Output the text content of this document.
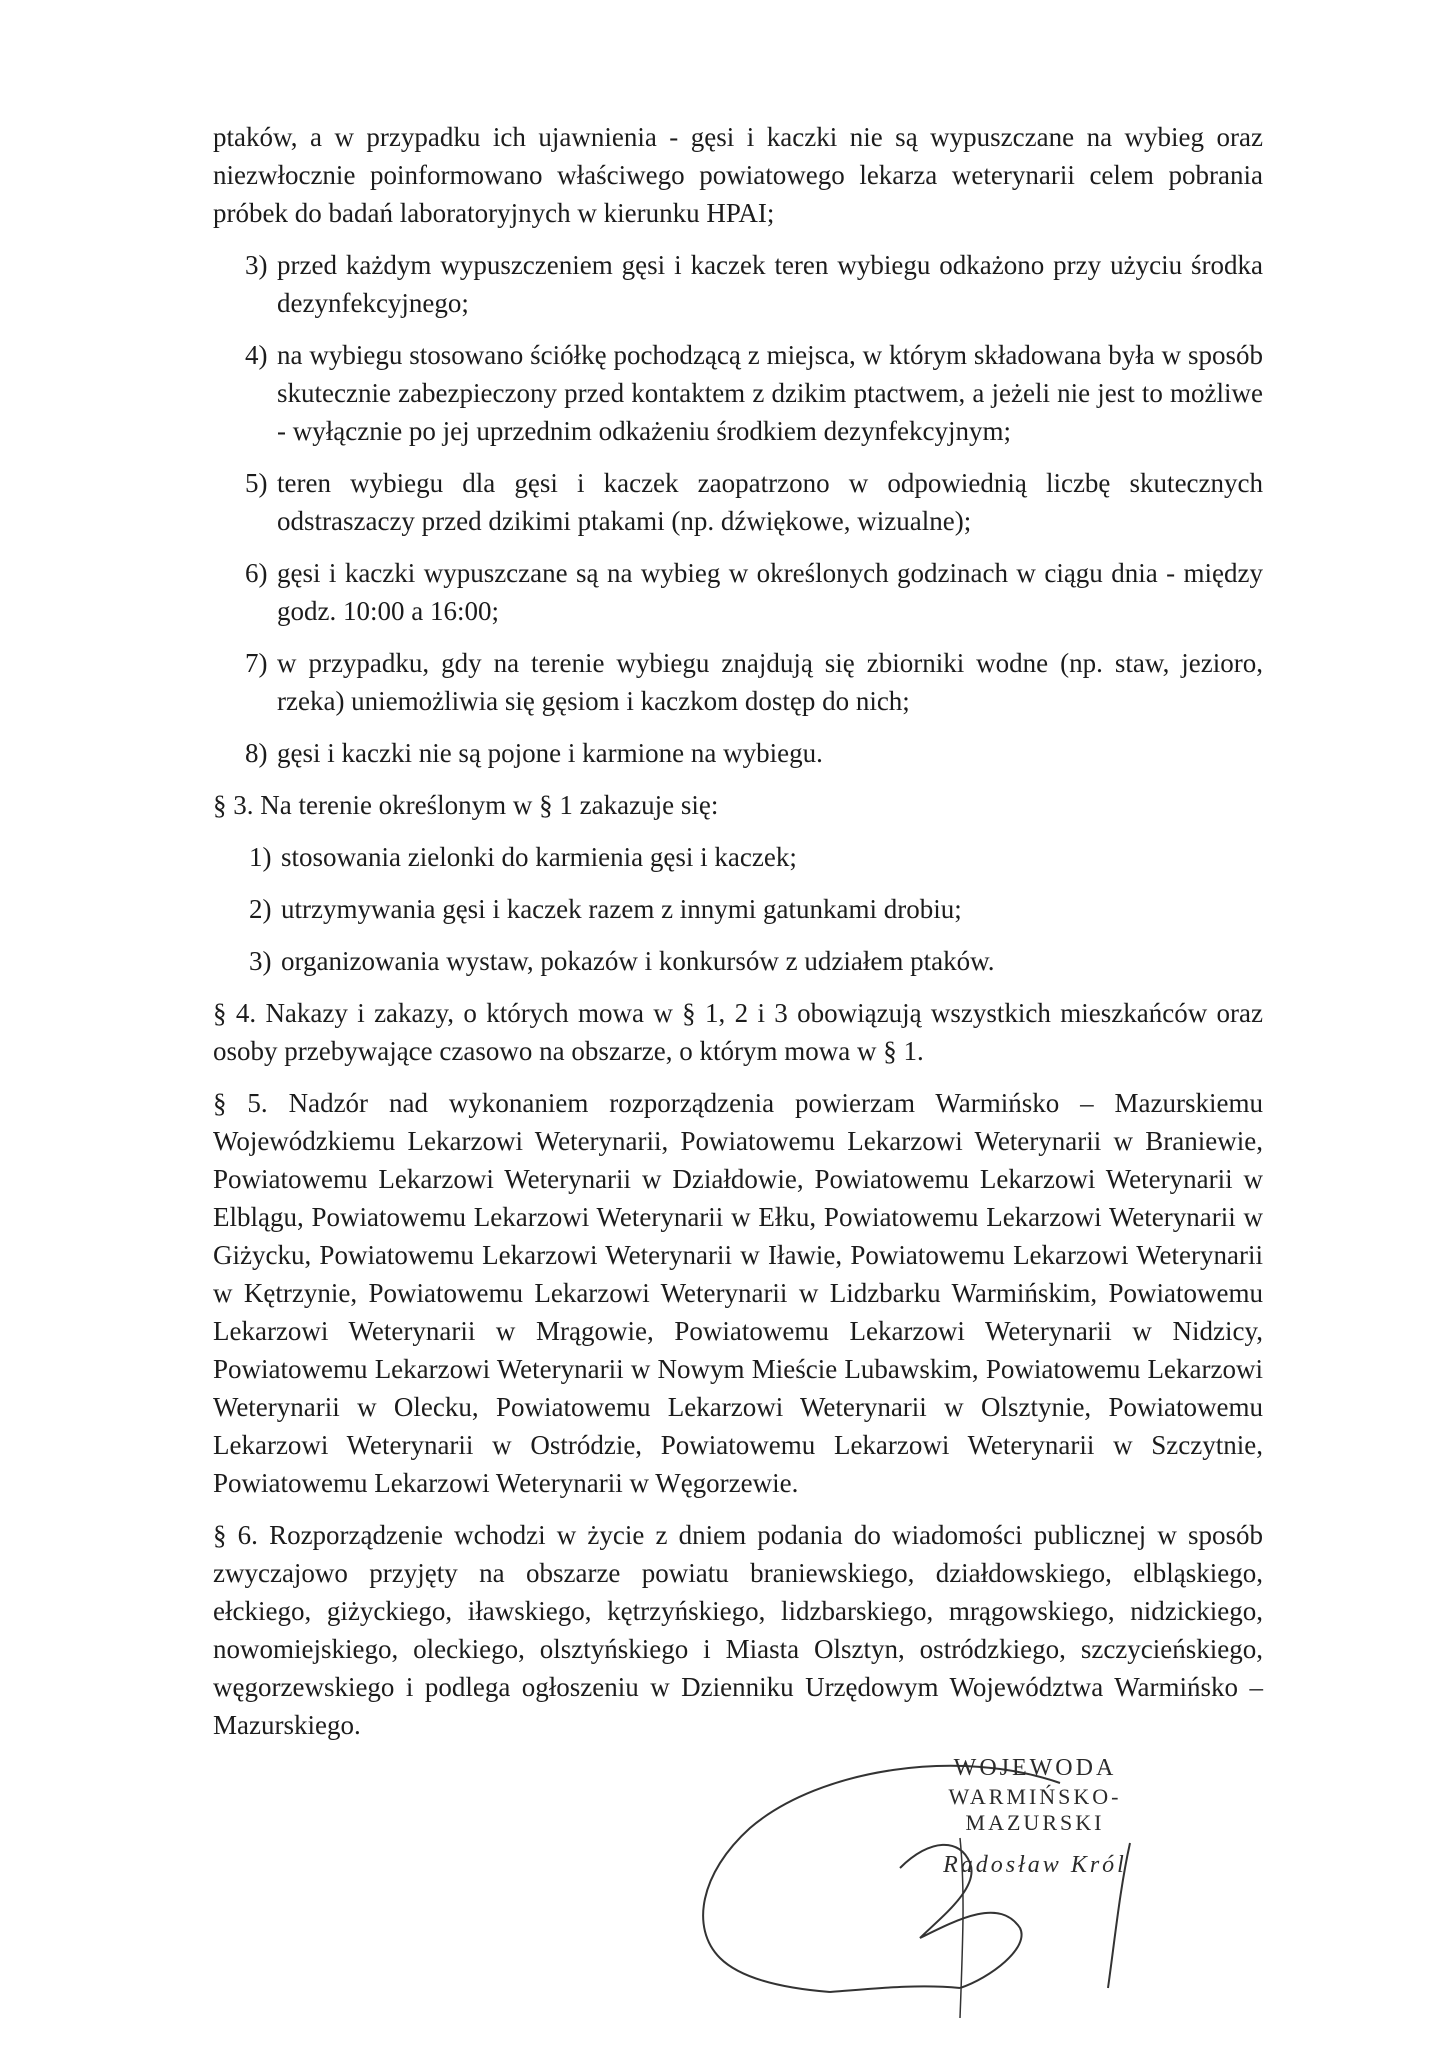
ptaków, a w przypadku ich ujawnienia - gęsi i kaczki nie są wypuszczane na wybieg oraz niezwłocznie poinformowano właściwego powiatowego lekarza weterynarii celem pobrania próbek do badań laboratoryjnych w kierunku HPAI;

3) przed każdym wypuszczeniem gęsi i kaczek teren wybiegu odkażono przy użyciu środka dezynfekcyjnego;
4) na wybiegu stosowano ściółkę pochodzącą z miejsca, w którym składowana była w sposób skutecznie zabezpieczony przed kontaktem z dzikim ptactwem, a jeżeli nie jest to możliwe - wyłącznie po jej uprzednim odkażeniu środkiem dezynfekcyjnym;
5) teren wybiegu dla gęsi i kaczek zaopatrzono w odpowiednią liczbę skutecznych odstraszaczy przed dzikimi ptakami (np. dźwiękowe, wizualne);
6) gęsi i kaczki wypuszczane są na wybieg w określonych godzinach w ciągu dnia - między godz. 10:00 a 16:00;
7) w przypadku, gdy na terenie wybiegu znajdują się zbiorniki wodne (np. staw, jezioro, rzeka) uniemożliwia się gęsiom i kaczkom dostęp do nich;
8) gęsi i kaczki nie są pojone i karmione na wybiegu.

§ 3. Na terenie określonym w § 1 zakazuje się:

1) stosowania zielonki do karmienia gęsi i kaczek;
2) utrzymywania gęsi i kaczek razem z innymi gatunkami drobiu;
3) organizowania wystaw, pokazów i konkursów z udziałem ptaków.

§ 4. Nakazy i zakazy, o których mowa w § 1, 2 i 3 obowiązują wszystkich mieszkańców oraz osoby przebywające czasowo na obszarze, o którym mowa w § 1.

§ 5. Nadzór nad wykonaniem rozporządzenia powierzam Warmińsko – Mazurskiemu Wojewódzkiemu Lekarzowi Weterynarii, Powiatowemu Lekarzowi Weterynarii w Braniewie, Powiatowemu Lekarzowi Weterynarii w Działdowie, Powiatowemu Lekarzowi Weterynarii w Elblągu, Powiatowemu Lekarzowi Weterynarii w Ełku, Powiatowemu Lekarzowi Weterynarii w Giżycku, Powiatowemu Lekarzowi Weterynarii w Iławie, Powiatowemu Lekarzowi Weterynarii w Kętrzynie, Powiatowemu Lekarzowi Weterynarii w Lidzbarku Warmińskim, Powiatowemu Lekarzowi Weterynarii w Mrągowie, Powiatowemu Lekarzowi Weterynarii w Nidzicy, Powiatowemu Lekarzowi Weterynarii w Nowym Mieście Lubawskim, Powiatowemu Lekarzowi Weterynarii w Olecku, Powiatowemu Lekarzowi Weterynarii w Olsztynie, Powiatowemu Lekarzowi Weterynarii w Ostródzie, Powiatowemu Lekarzowi Weterynarii w Szczytnie, Powiatowemu Lekarzowi Weterynarii w Węgorzewie.

§ 6. Rozporządzenie wchodzi w życie z dniem podania do wiadomości publicznej w sposób zwyczajowo przyjęty na obszarze powiatu braniewskiego, działdowskiego, elbląskiego, ełckiego, giżyckiego, iławskiego, kętrzyńskiego, lidzbarskiego, mrągowskiego, nidzickiego, nowomiejskiego, oleckiego, olsztyńskiego i Miasta Olsztyn, ostródzkiego, szczycieńskiego, węgorzewskiego i podlega ogłoszeniu w Dzienniku Urzędowym Województwa Warmińsko – Mazurskiego.

WOJEWODA
WARMIŃSKO-MAZURSKI
Radosław Król
